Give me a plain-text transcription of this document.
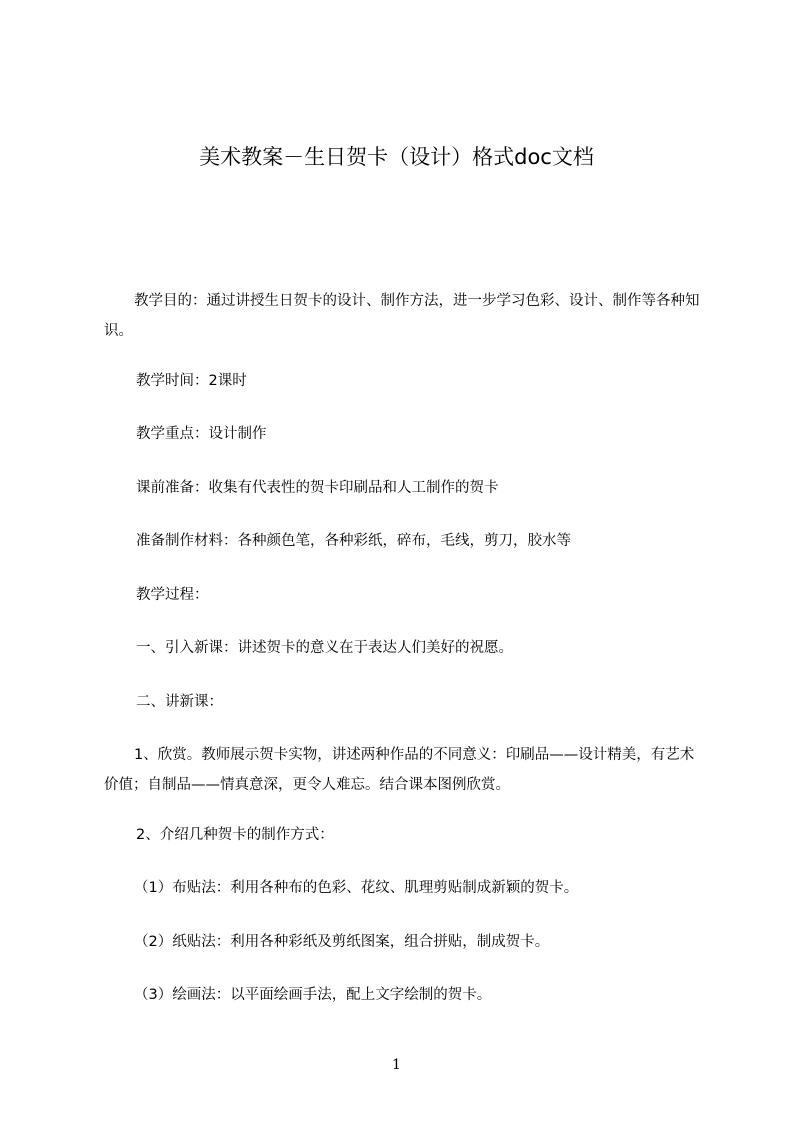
美术教案－生日贺卡（设计）格式doc文档

教学目的：通过讲授生日贺卡的设计、制作方法，进一步学习色彩、设计、制作等各种知识。

教学时间：2课时

教学重点：设计制作

课前准备：收集有代表性的贺卡印刷品和人工制作的贺卡

准备制作材料：各种颜色笔，各种彩纸，碎布，毛线，剪刀，胶水等

教学过程：

一、引入新课：讲述贺卡的意义在于表达人们美好的祝愿。

二、讲新课：

1、欣赏。教师展示贺卡实物，讲述两种作品的不同意义：印刷品——设计精美，有艺术价值；自制品——情真意深，更令人难忘。结合课本图例欣赏。

2、介绍几种贺卡的制作方式：

（1）布贴法：利用各种布的色彩、花纹、肌理剪贴制成新颖的贺卡。

（2）纸贴法：利用各种彩纸及剪纸图案，组合拼贴，制成贺卡。

（3）绘画法：以平面绘画手法，配上文字绘制的贺卡。

1
